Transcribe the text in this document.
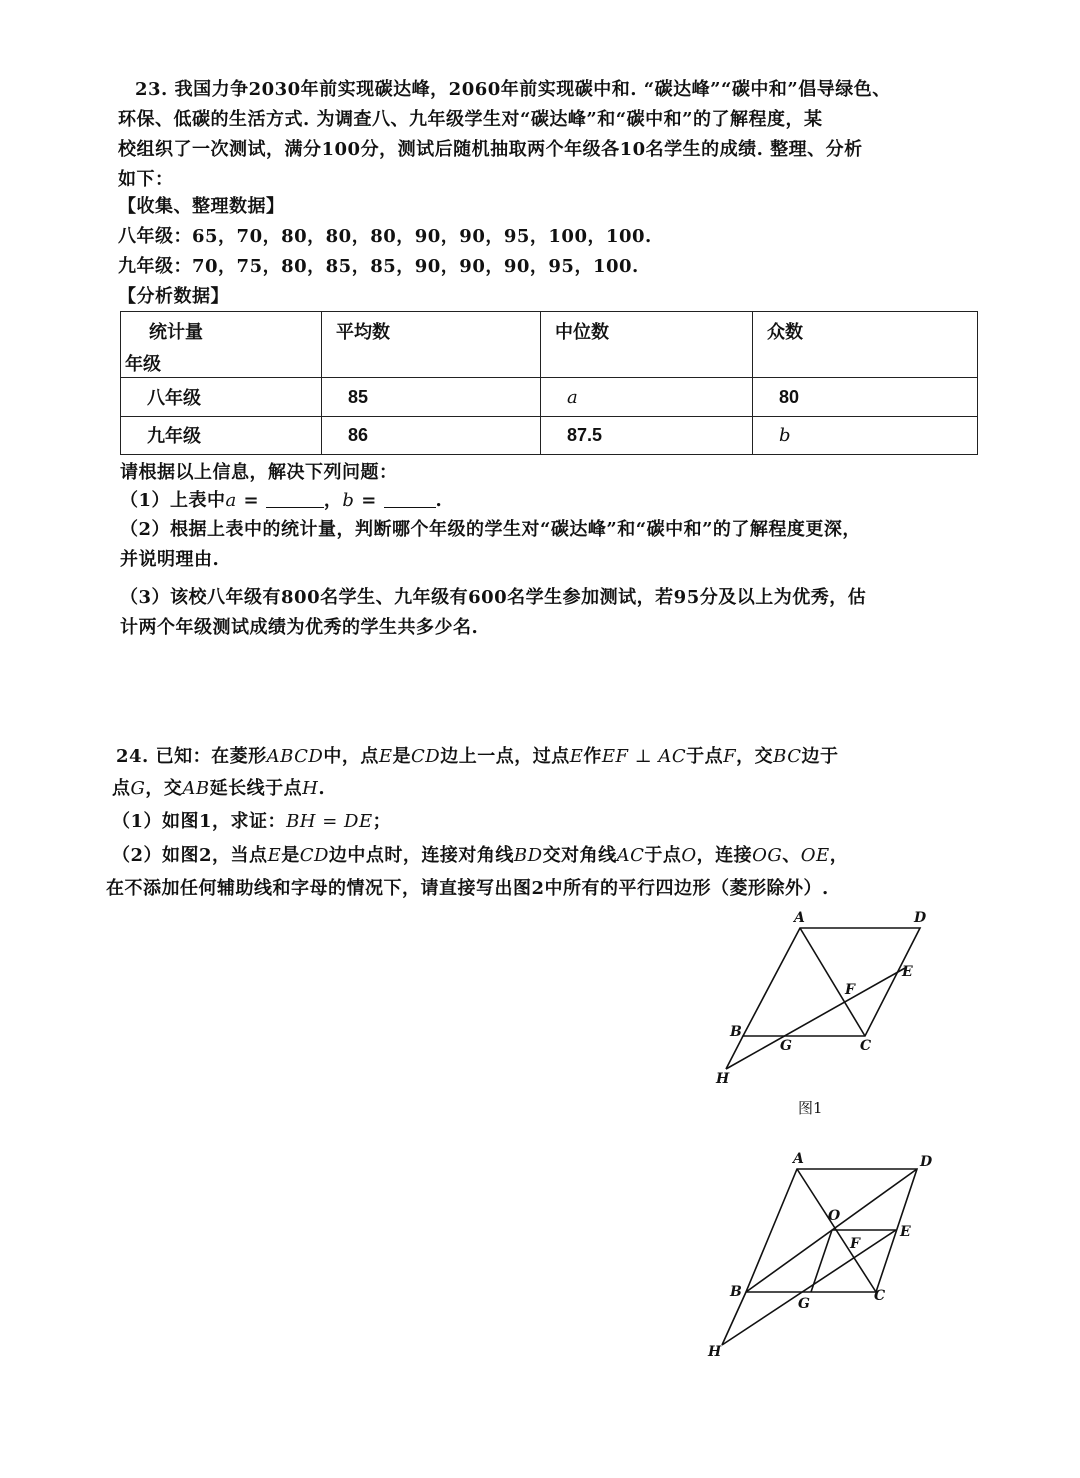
23. 我国力争2030年前实现碳达峰，2060年前实现碳中和. “碳达峰”“碳中和”倡导绿色、
环保、低碳的生活方式. 为调查八、九年级学生对“碳达峰”和“碳中和”的了解程度，某
校组织了一次测试，满分100分，测试后随机抽取两个年级各10名学生的成绩. 整理、分析
如下：
【收集、整理数据】
八年级：65，70，80，80，80，90，90，95，100，100.
九年级：70，75，80，85，85，90，90，90，95，100.
【分析数据】
统计量
年级	平均数	中位数	众数
八年级	85	a	80
九年级	86	87.5	b
请根据以上信息，解决下列问题：
（1）上表中a =	，b =	.
（2）根据上表中的统计量，判断哪个年级的学生对“碳达峰”和“碳中和”的了解程度更深，
并说明理由.
（3）该校八年级有800名学生、九年级有600名学生参加测试，若95分及以上为优秀，估
计两个年级测试成绩为优秀的学生共多少名.
24. 已知：在菱形ABCD中，点E是CD边上一点，过点E作EF ⊥ AC于点F，交BC边于
点G，交AB延长线于点H.
（1）如图1，求证：BH = DE；
（2）如图2，当点E是CD边中点时，连接对角线BD交对角线AC于点O，连接OG、OE，
在不添加任何辅助线和字母的情况下，请直接写出图2中所有的平行四边形（菱形除外）.
A	D
E
F
B
G	C
H
图1
A	D
O
E
F
B
G	C
H
